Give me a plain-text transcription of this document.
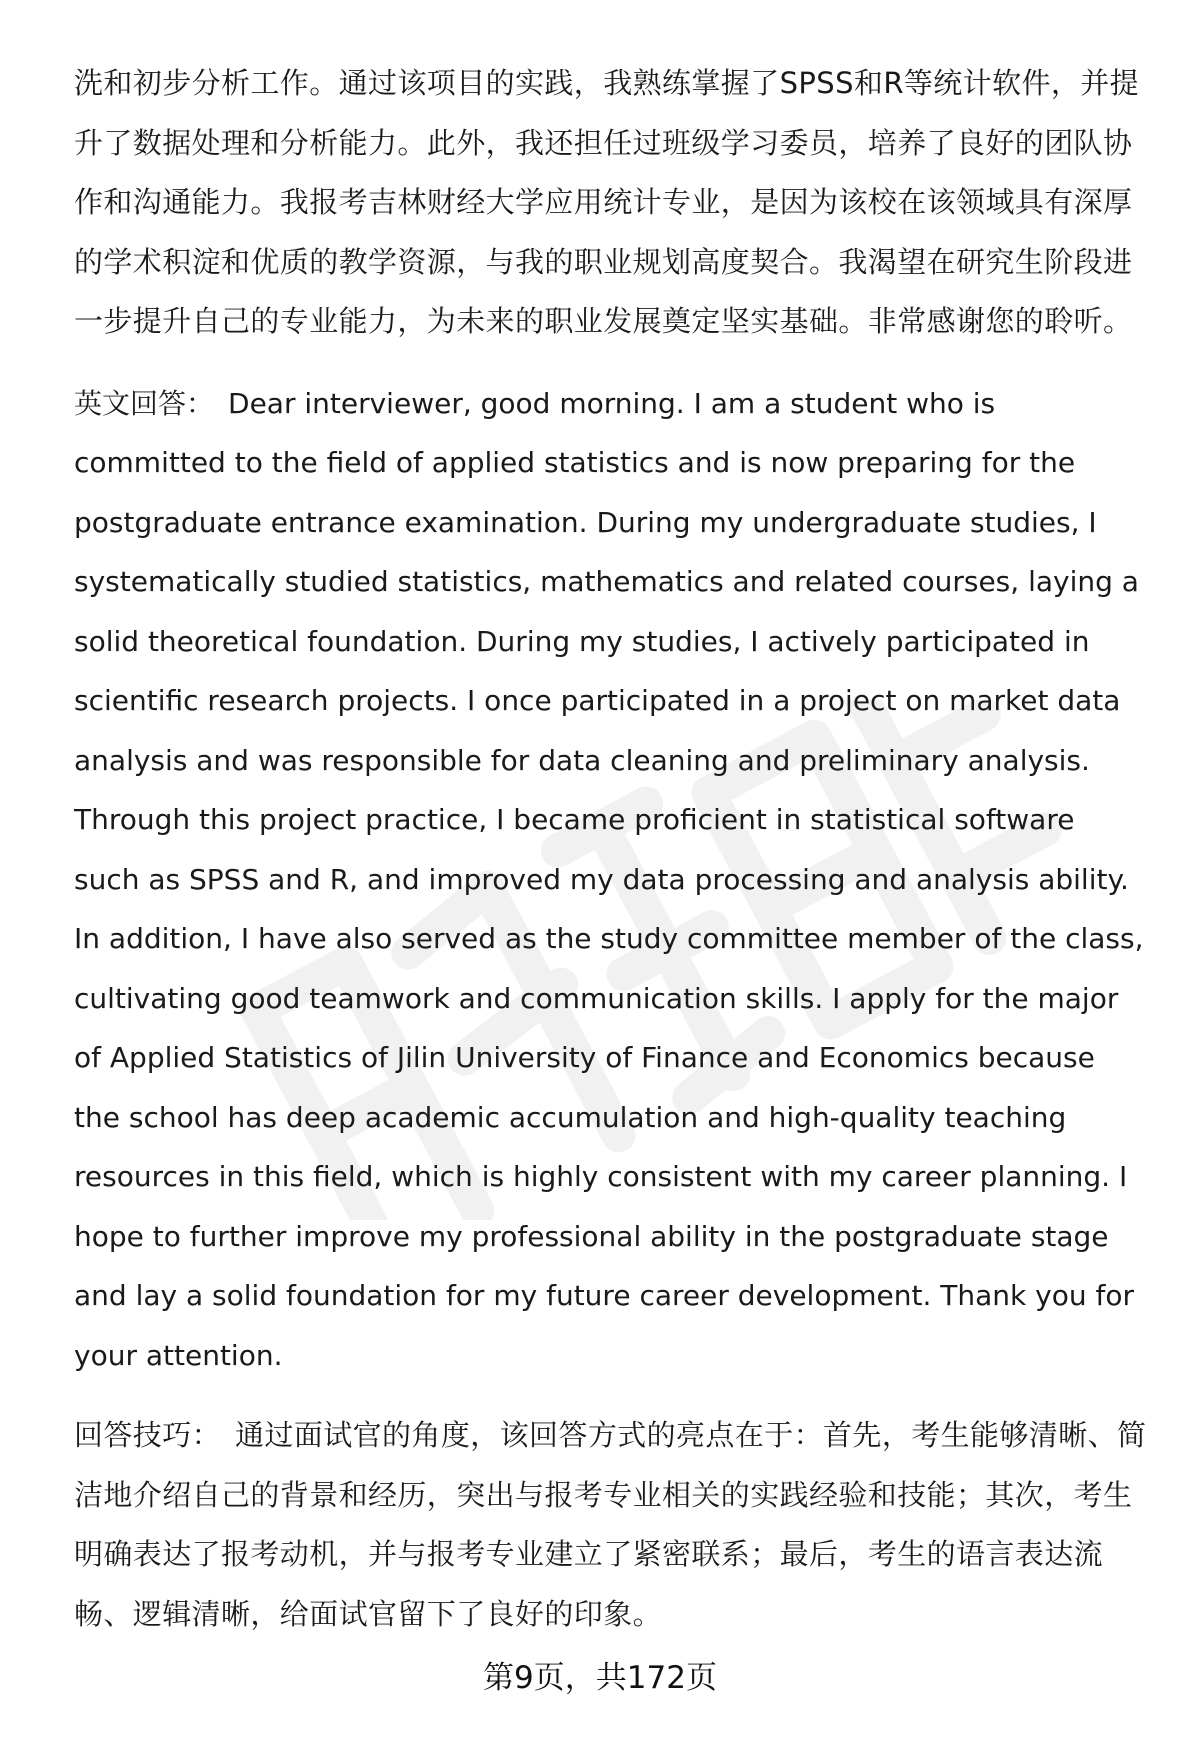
洗和初步分析工作。通过该项目的实践，我熟练掌握了SPSS和R等统计软件，并提
升了数据处理和分析能力。此外，我还担任过班级学习委员，培养了良好的团队协
作和沟通能力。我报考吉林财经大学应用统计专业，是因为该校在该领域具有深厚
的学术积淀和优质的教学资源，与我的职业规划高度契合。我渴望在研究生阶段进
一步提升自己的专业能力，为未来的职业发展奠定坚实基础。非常感谢您的聆听。
英文回答： Dear interviewer, good morning. I am a student who is
committed to the field of applied statistics and is now preparing for the
postgraduate entrance examination. During my undergraduate studies, I
systematically studied statistics, mathematics and related courses, laying a
solid theoretical foundation. During my studies, I actively participated in
scientific research projects. I once participated in a project on market data
analysis and was responsible for data cleaning and preliminary analysis.
Through this project practice, I became proficient in statistical software
such as SPSS and R, and improved my data processing and analysis ability.
In addition, I have also served as the study committee member of the class,
cultivating good teamwork and communication skills. I apply for the major
of Applied Statistics of Jilin University of Finance and Economics because
the school has deep academic accumulation and high-quality teaching
resources in this field, which is highly consistent with my career planning. I
hope to further improve my professional ability in the postgraduate stage
and lay a solid foundation for my future career development. Thank you for
your attention.
回答技巧： 通过面试官的角度，该回答方式的亮点在于：首先，考生能够清晰、简
洁地介绍自己的背景和经历，突出与报考专业相关的实践经验和技能；其次，考生
明确表达了报考动机，并与报考专业建立了紧密联系；最后，考生的语言表达流
畅、逻辑清晰，给面试官留下了良好的印象。
第9页，共172页
